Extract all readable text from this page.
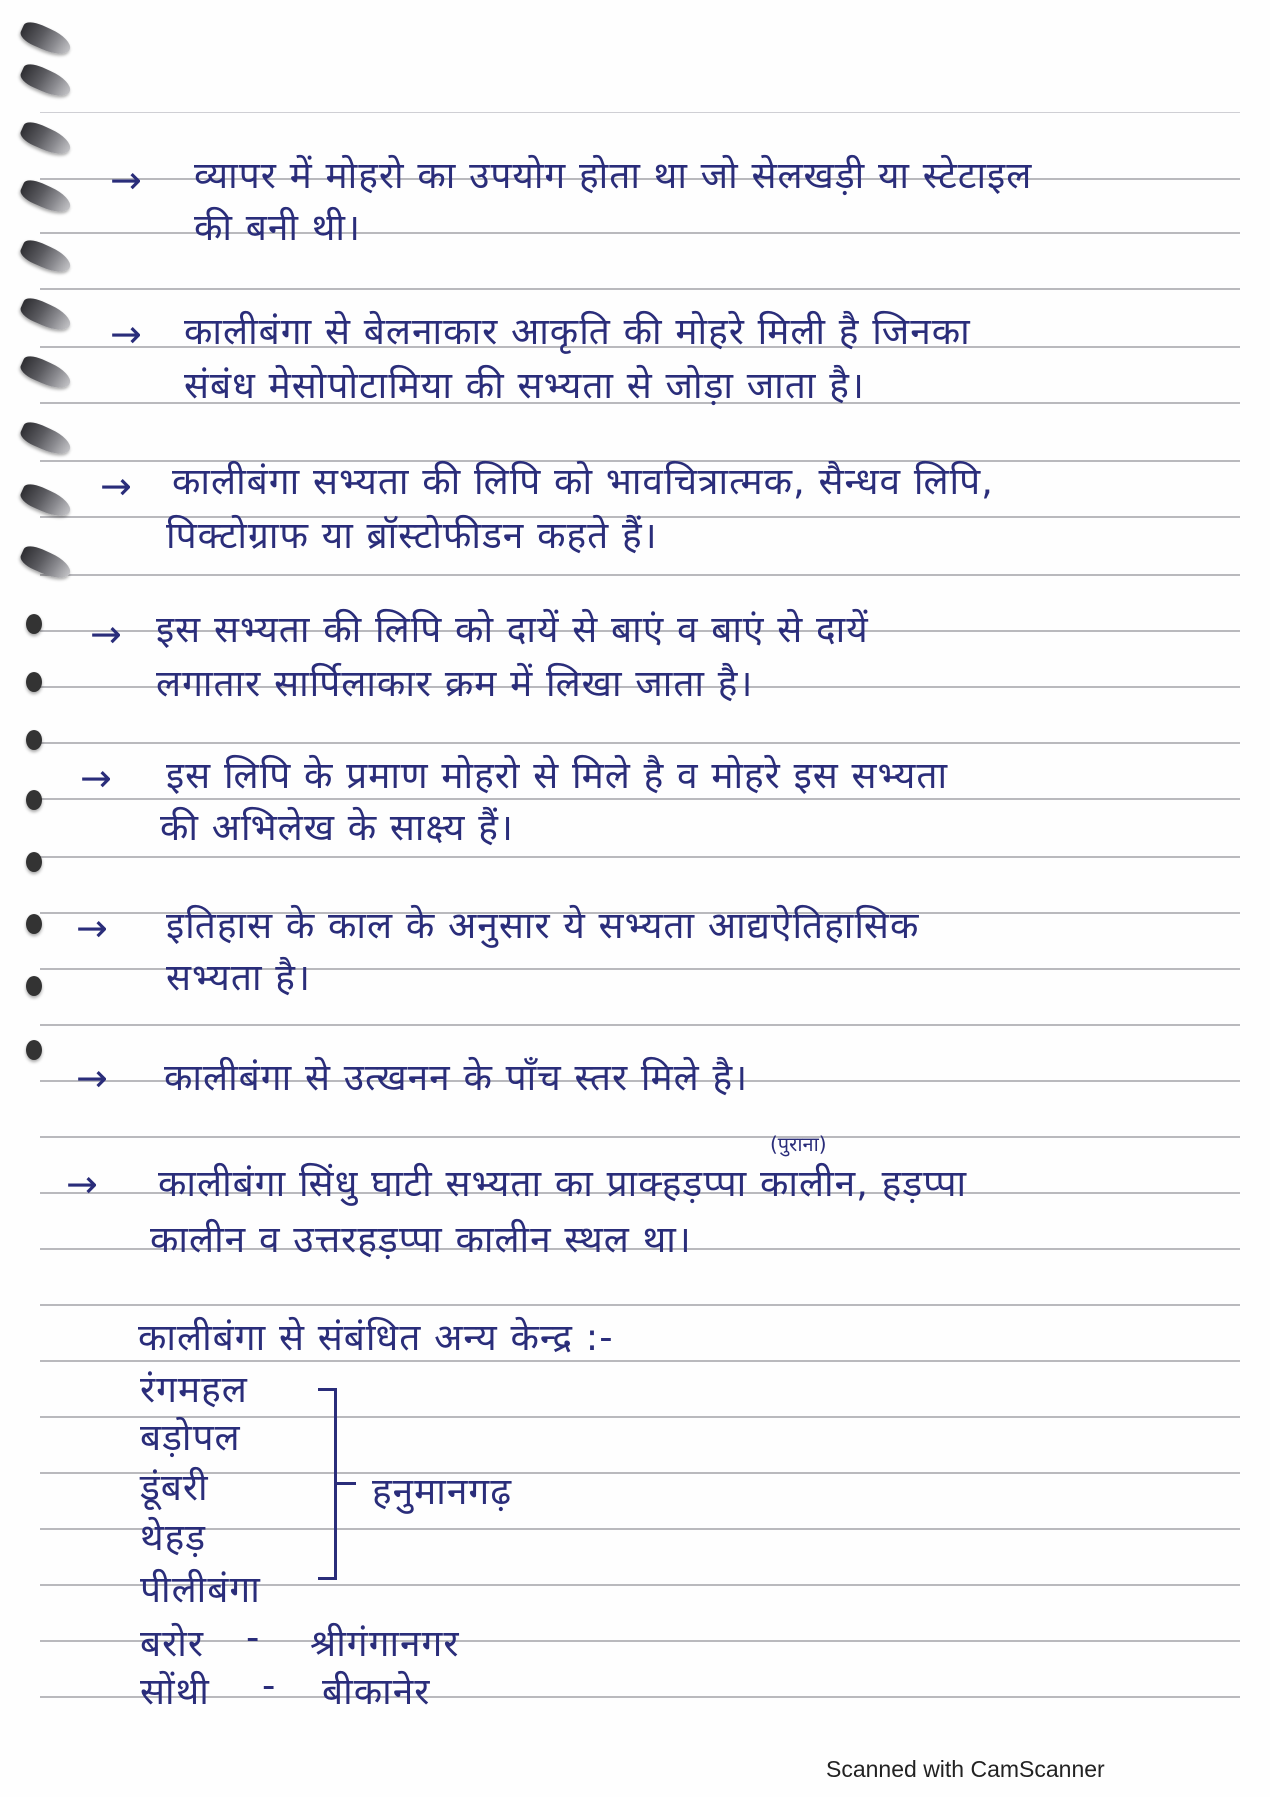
→ व्यापर में मोहरो का उपयोग होता था जो सेलखड़ी या स्टेटाइल
की बनी थी।
→ कालीबंगा से बेलनाकार आकृति की मोहरे मिली है जिनका
संबंध मेसोपोटामिया की सभ्यता से जोड़ा जाता है।
→ कालीबंगा सभ्यता की लिपि को भावचित्रात्मक, सैन्धव लिपि,
पिक्टोग्राफ या ब्रॉस्टोफीडन कहते हैं।
→ इस सभ्यता की लिपि को दायें से बाएं व बाएं से दायें
लगातार सार्पिलाकार क्रम में लिखा जाता है।
→ इस लिपि के प्रमाण मोहरो से मिले है व मोहरे इस सभ्यता
की अभिलेख के साक्ष्य हैं।
→ इतिहास के काल के अनुसार ये सभ्यता आद्यऐतिहासिक
सभ्यता है।
→ कालीबंगा से उत्खनन के पाँच स्तर मिले है।
→
(पुराना)
कालीबंगा सिंधु घाटी सभ्यता का प्राक्हड़प्पा कालीन, हड़प्पा
कालीन व उत्तरहड़प्पा कालीन स्थल था।
कालीबंगा से संबंधित अन्य केन्द्र :-
रंगमहल
बड़ोपल
डूंबरी
थेहड़
पीलीबंगा
हनुमानगढ़
बरोर - श्रीगंगानगर
सोंथी - बीकानेर
Scanned with CamScanner
